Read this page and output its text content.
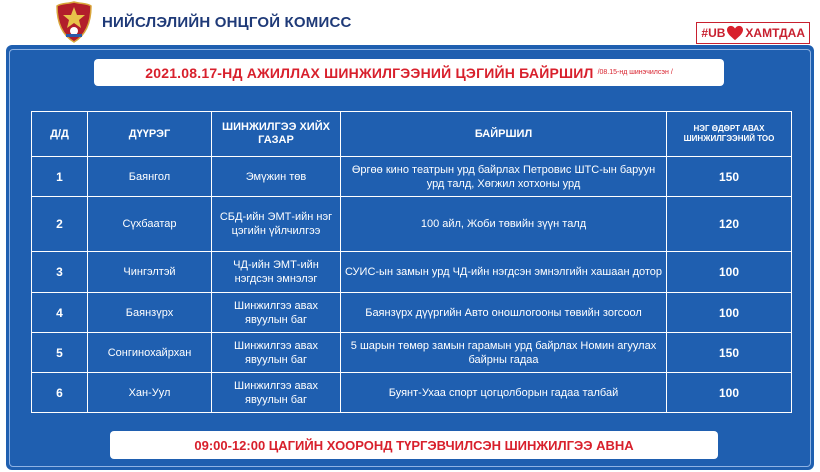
НИЙСЛЭЛИЙН ОНЦГОЙ КОМИСС
#UB ХАМТДАА
2021.08.17-НД АЖИЛЛАХ ШИНЖИЛГЭЭНИЙ ЦЭГИЙН БАЙРШИЛ /08.15-нд шинэчилсэн /
Д/Д	ДҮҮРЭГ	ШИНЖИЛГЭЭ ХИЙХ ГАЗАР	БАЙРШИЛ	НЭГ ӨДӨРТ АВАХ ШИНЖИЛГЭЭНИЙ ТОО
1	Баянгол	Эмүжин төв	Өргөө кино театрын урд байрлах Петровис ШТС-ын баруун урд талд, Хөгжил хотхоны урд	150
2	Сүхбаатар	СБД-ийн ЭМТ-ийн нэг цэгийн үйлчилгээ	100 айл, Жоби төвийн зүүн талд	120
3	Чингэлтэй	ЧД-ийн ЭМТ-ийн нэгдсэн эмнэлэг	СУИС-ын замын урд ЧД-ийн нэгдсэн эмнэлгийн хашаан дотор	100
4	Баянзүрх	Шинжилгээ авах явуулын баг	Баянзүрх дүүргийн Авто оношлогооны төвийн зогсоол	100
5	Сонгинохайрхан	Шинжилгээ авах явуулын баг	5 шарын төмөр замын гарамын урд байрлах Номин агуулах байрны гадаа	150
6	Хан-Уул	Шинжилгээ авах явуулын баг	Буянт-Ухаа спорт цогцолборын гадаа талбай	100
09:00-12:00 ЦАГИЙН ХООРОНД ТҮРГЭВЧИЛСЭН ШИНЖИЛГЭЭ АВНА
